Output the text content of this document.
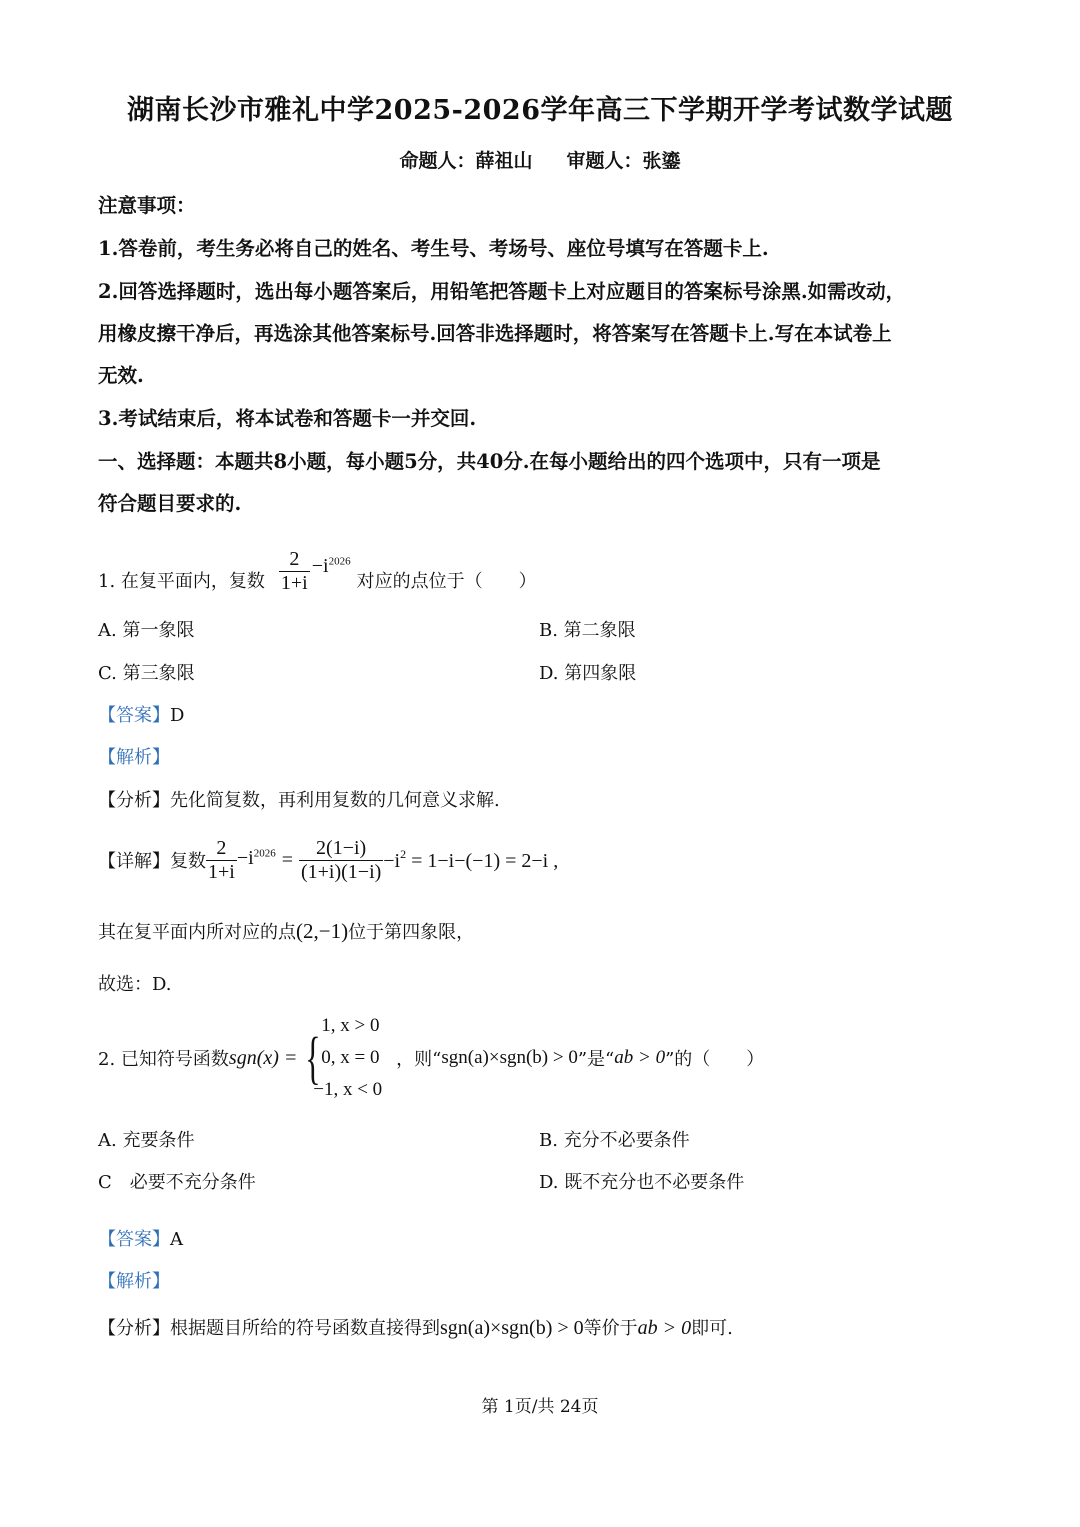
湖南长沙市雅礼中学2025-2026学年高三下学期开学考试数学试题
命题人：薛祖山 审题人：张鎏
注意事项：
1.答卷前，考生务必将自己的姓名、考生号、考场号、座位号填写在答题卡上.
2.回答选择题时，选出每小题答案后，用铅笔把答题卡上对应题目的答案标号涂黑.如需改动，
用橡皮擦干净后，再选涂其他答案标号.回答非选择题时，将答案写在答题卡上.写在本试卷上
无效.
3.考试结束后，将本试卷和答题卡一并交回.
一、选择题：本题共8小题，每小题5分，共40分.在每小题给出的四个选项中，只有一项是
符合题目要求的.
1. 在复平面内，复数 $\frac{2}{1+i} -i^{2026}$
对应的点位于（　　）
A. 第一象限	B. 第二象限
C. 第三象限	D. 第四象限
【答案】D
【解析】
【分析】先化简复数，再利用复数的几何意义求解.
【详解】 复数 $\frac{2}{1+i} -i^{2026} = \frac{2(1-i)}{(1+i)(1-i)} -i^2 = 1-i-(-1) = 2-i$ ,
其在复平面内所对应的点(2,−1)位于第四象限，
故选：D.
2. 已知符号函数 sgn(x) = { 1, x > 0
0, x = 0
−1, x < 0
，则“ sgn(a)×sgn(b) > 0 ”是“ ab > 0 ”的（　　）
A. 充要条件	B. 充分不必要条件
C　必要不充分条件	D. 既不充分也不必要条件
【答案】A
【解析】
【分析】根据题目所给的符号函数直接得到sgn(a)×sgn(b) > 0等价于ab > 0即可.
第 1页/共 24页
